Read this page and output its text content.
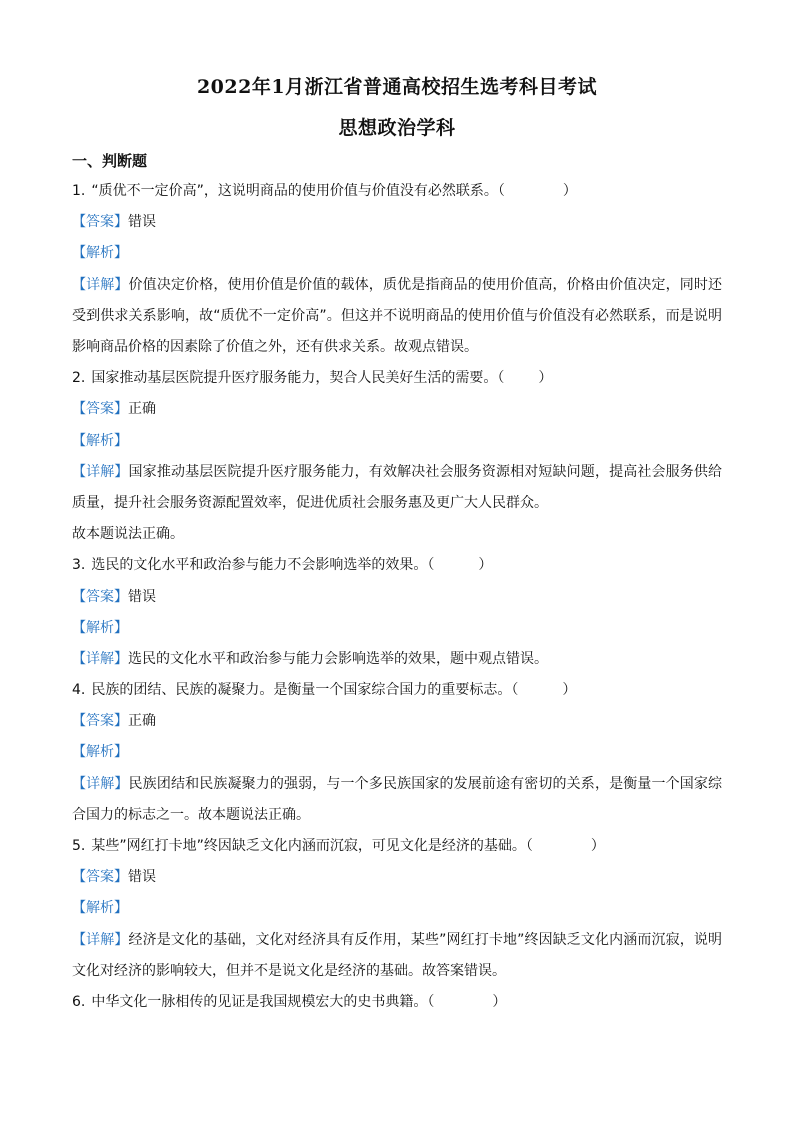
2022年1月浙江省普通高校招生选考科目考试
思想政治学科
一、判断题
1. “质优不一定价高”，这说明商品的使用价值与价值没有必然联系。（	）
【答案】错误
【解析】
【详解】价值决定价格，使用价值是价值的载体，质优是指商品的使用价值高，价格由价值决定，同时还受到供求关系影响，故“质优不一定价高”。但这并不说明商品的使用价值与价值没有必然联系，而是说明影响商品价格的因素除了价值之外，还有供求关系。故观点错误。
2. 国家推动基层医院提升医疗服务能力，契合人民美好生活的需要。（ ）
【答案】正确
【解析】
【详解】国家推动基层医院提升医疗服务能力，有效解决社会服务资源相对短缺问题，提高社会服务供给质量，提升社会服务资源配置效率，促进优质社会服务惠及更广大人民群众。
故本题说法正确。
3. 选民的文化水平和政治参与能力不会影响选举的效果。（	）
【答案】错误
【解析】
【详解】选民的文化水平和政治参与能力会影响选举的效果，题中观点错误。
4. 民族的团结、民族的凝聚力。是衡量一个国家综合国力的重要标志。（	）
【答案】正确
【解析】
【详解】民族团结和民族凝聚力的强弱，与一个多民族国家的发展前途有密切的关系，是衡量一个国家综合国力的标志之一。故本题说法正确。
5. 某些”网红打卡地”终因缺乏文化内涵而沉寂，可见文化是经济的基础。（	）
【答案】错误
【解析】
【详解】经济是文化的基础，文化对经济具有反作用，某些”网红打卡地”终因缺乏文化内涵而沉寂，说明文化对经济的影响较大，但并不是说文化是经济的基础。故答案错误。
6. 中华文化一脉相传的见证是我国规模宏大的史书典籍。（	）
